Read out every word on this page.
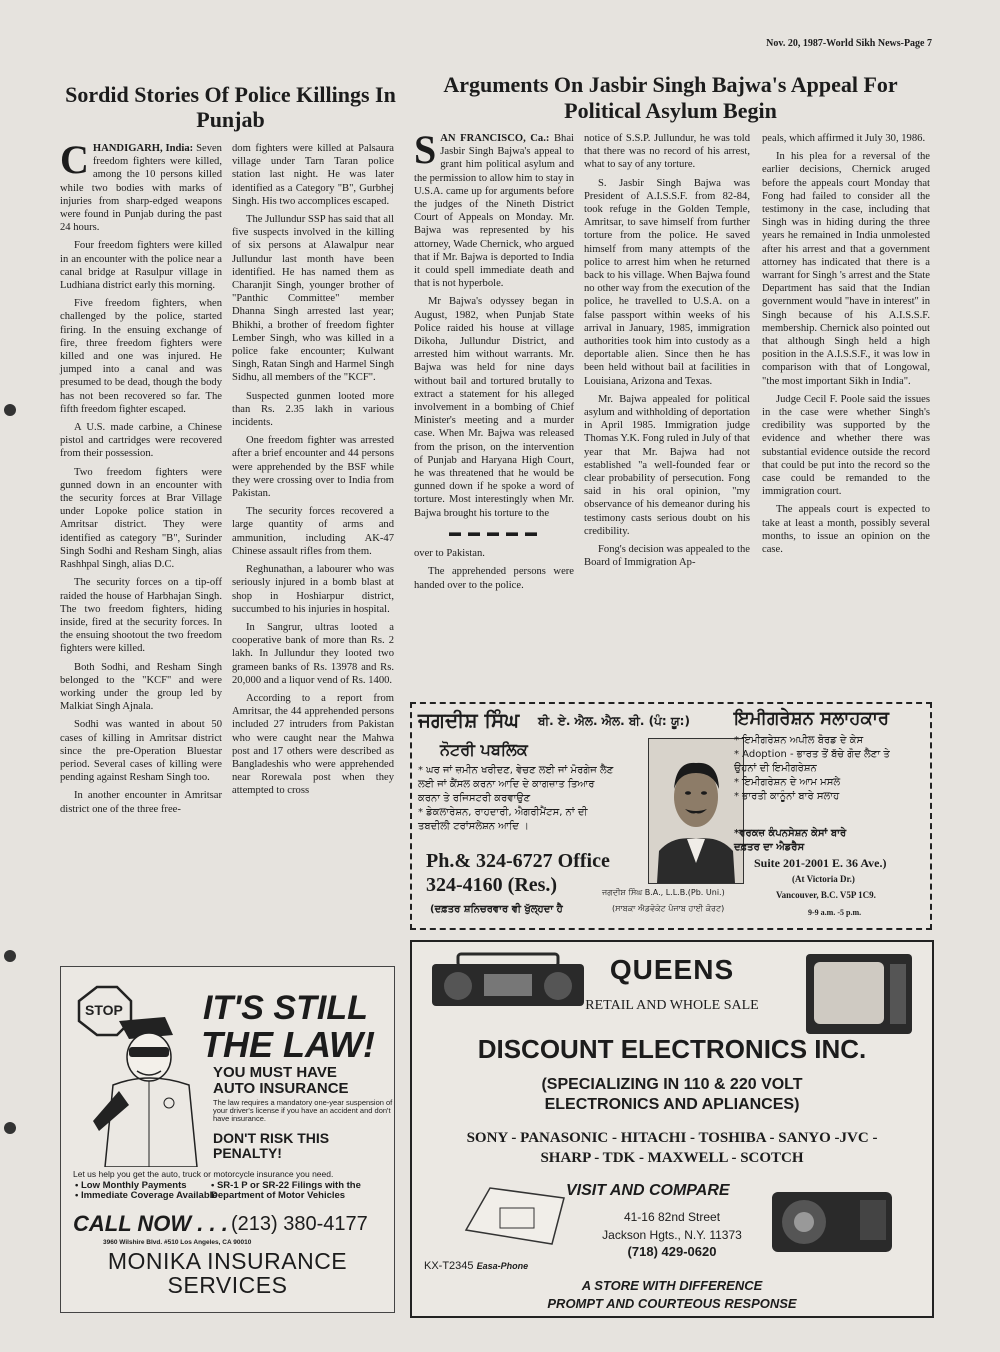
Nov. 20, 1987-World Sikh News-Page 7
Sordid Stories Of Police Killings In Punjab

CHANDIGARH, India: Seven freedom fighters were killed, among the 10 persons killed while two bodies with marks of injuries from sharp-edged weapons were found in Punjab during the past 24 hours.

Four freedom fighters were killed in an encounter with the police near a canal bridge at Rasulpur village in Ludhiana district early this morning.

Five freedom fighters, when challenged by the police, started firing. In the ensuing exchange of fire, three freedom fighters were killed and one was injured. He jumped into a canal and was presumed to be dead, though the body has not been recovered so far. The fifth freedom fighter escaped.

A U.S. made carbine, a Chinese pistol and cartridges were recovered from their possession.

Two freedom fighters were gunned down in an encounter with the security forces at Brar Village under Lopoke police station in Amritsar district. They were identified as category "B", Surinder Singh Sodhi and Resham Singh, alias Rashhpal Singh, alias D.C.

The security forces on a tip-off raided the house of Harbhajan Singh. The two freedom fighters, hiding inside, fired at the security forces. In the ensuing shootout the two freedom fighters were killed.

Both Sodhi, and Resham Singh belonged to the "KCF" and were working under the group led by Malkiat Singh Ajnala.

Sodhi was wanted in about 50 cases of killing in Amritsar district since the pre-Operation Bluestar period. Several cases of killing were pending against Resham Singh too.

In another encounter in Amritsar district one of the three free-

dom fighters were killed at Palsaura village under Tarn Taran police station last night. He was later identified as a Category "B", Gurbhej Singh. His two accomplices escaped.

The Jullundur SSP has said that all five suspects involved in the killing of six persons at Alawalpur near Jullundur last month have been identified. He has named them as Charanjit Singh, younger brother of "Panthic Committee" member Dhanna Singh arrested last year; Bhikhi, a brother of freedom fighter Lember Singh, who was killed in a police fake encounter; Kulwant Singh, Ratan Singh and Harmel Singh Sidhu, all members of the "KCF".

Suspected gunmen looted more than Rs. 2.35 lakh in various incidents.

One freedom fighter was arrested after a brief encounter and 44 persons were apprehended by the BSF while they were crossing over to India from Pakistan.

The security forces recovered a large quantity of arms and ammunition, including AK-47 Chinese assault rifles from them.

Reghunathan, a labourer who was seriously injured in a bomb blast at shop in Hoshiarpur district, succumbed to his injuries in hospital.

In Sangrur, ultras looted a cooperative bank of more than Rs. 2 lakh. In Jullundur they looted two grameen banks of Rs. 13978 and Rs. 20,000 and a liquor vend of Rs. 1400.

According to a report from Amritsar, the 44 apprehended persons included 27 intruders from Pakistan who were caught near the Mahwa post and 17 others were described as Bangladeshis who were apprehended near Rorewala post when they attempted to cross

Arguments On Jasbir Singh Bajwa's Appeal For Political Asylum Begin

SAN FRANCISCO, Ca.: Bhai Jasbir Singh Bajwa's appeal to grant him political asylum and the permission to allow him to stay in U.S.A. came up for arguments before the judges of the Nineth District Court of Appeals on Monday. Mr. Bajwa was represented by his attorney, Wade Chernick, who argued that if Mr. Bajwa is deported to India it could spell immediate death and that is not hyperbole.

Mr Bajwa's odyssey began in August, 1982, when Punjab State Police raided his house at village Dikoha, Jullundur District, and arrested him without warrants. Mr. Bajwa was held for nine days without bail and tortured brutally to extract a statement for his alleged involvement in a bombing of Chief Minister's meeting and a murder case. When Mr. Bajwa was released from the prison, on the intervention of Punjab and Haryana High Court, he was threatened that he would be gunned down if he spoke a word of torture. Most interestingly when Mr. Bajwa brought his torture to the

▬ ▬ ▬ ▬ ▬

over to Pakistan.

The apprehended persons were handed over to the police.

notice of S.S.P. Jullundur, he was told that there was no record of his arrest, what to say of any torture.

S. Jasbir Singh Bajwa was President of A.I.S.S.F. from 82-84, took refuge in the Golden Temple, Amritsar, to save himself from further torture from the police. He saved himself from many attempts of the police to arrest him when he returned back to his village. When Bajwa found no other way from the execution of the police, he travelled to U.S.A. on a false passport within weeks of his arrival in January, 1985, immigration authorities took him into custody as a deportable alien. Since then he has been held without bail at facilities in Louisiana, Arizona and Texas.

Mr. Bajwa appealed for political asylum and withholding of deportation in April 1985. Immigration judge Thomas Y.K. Fong ruled in July of that year that Mr. Bajwa had not established "a well-founded fear or clear probability of persecution. Fong said in his oral opinion, "my observance of his demeanor during his testimony casts serious doubt on his credibility.

Fong's decision was appealed to the Board of Immigration Ap-

peals, which affirmed it July 30, 1986.

In his plea for a reversal of the earlier decisions, Chernick aruged before the appeals court Monday that Fong had failed to consider all the testimony in the case, including that Singh was in hiding during the three years he remained in India unmolested after his arrest and that a government attorney has indicated that there is a warrant for Singh 's arrest and the State Department has said that the Indian government would "have in interest" in Singh because of his A.I.S.S.F. membership. Chernick also pointed out that although Singh held a high position in the A.I.S.S.F., it was low in comparison with that of Longowal, "the most important Sikh in India".

Judge Cecil F. Poole said the issues in the case were whether Singh's credibility was supported by the evidence and whether there was substantial evidence outside the record that could be put into the record so the case could be remanded to the immigration court.

The appeals court is expected to take at least a month, possibly several months, to issue an opinion on the case.

ਜਗਦੀਸ਼ ਸਿੰਘ ਬੀ. ਏ. ਐਲ. ਐਲ. ਬੀ. (ਪੰ: ਯੂ:)
ਨੋਟਰੀ ਪਬਲਿਕ
* ਘਰ ਜਾਂ ਜ਼ਮੀਨ ਖਰੀਦਣ, ਵੇਚਣ ਲਈ ਜਾਂ ਮੋਰਗੇਜ ਲੈਣ
ਲਈ ਜਾਂ ਕੈਂਸਲ ਕਰਨਾ ਆਦਿ ਦੇ ਕਾਗਜ਼ਾਤ ਤਿਆਰ
ਕਰਨਾ ਤੇ ਰਜਿਸਟਰੀ ਕਰਵਾਉਣ
* ਡੇਕਲਾਰੇਸ਼ਨ, ਰਾਹਦਾਰੀ, ਐਗਰੀਮੈਂਟਸ, ਨਾਂ ਦੀ
ਤਬਦੀਲੀ ਟਰਾਂਸਲੇਸ਼ਨ ਆਦਿ ।
Ph.& 324-6727 Office
324-4160 (Res.)
(ਦਫ਼ਤਰ ਸ਼ਨਿਚਰਵਾਰ ਵੀ ਖੁੱਲ੍ਹਦਾ ਹੈ
ਜਗਦੀਸ਼ ਸਿੰਘ B.A., L.L.B.(Pb. Uni.)
(ਸਾਬਕਾ ਐਡਵੋਕੇਟ ਪੰਜਾਬ ਹਾਈ ਕੋਰਟ)
ਇਮੀਗਰੇਸ਼ਨ ਸਲਾਹਕਾਰ
* ਇਮੀਗਰੇਸ਼ਨ ਅਪੀਲ ਬੋਰਡ ਦੇ ਕੇਸ
* Adoption - ਭਾਰਤ ਤੋਂ ਬੱਚੇ ਗੋਦ ਲੈਣਾ ਤੇ
ਉਹਨਾਂ ਦੀ ਇਮੀਗਰੇਸ਼ਨ
* ਇਮੀਗਰੇਸ਼ਨ ਦੇ ਆਮ ਮਸਲੇ
* ਭਾਰਤੀ ਕਾਨੂੰਨਾਂ ਬਾਰੇ ਸਲਾਹ
*ਵਰਕਜ਼ ਕੰਪਨਸੇਸ਼ਨ ਕੇਸਾਂ ਬਾਰੇ
ਦਫ਼ਤਰ ਦਾ ਐਡਰੈਸ
Suite 201-2001 E. 36 Ave.)
(At Victoria Dr.)
Vancouver, B.C. V5P 1C9.
9-9 a.m. -5 p.m.
STOP IT'S STILL
THE LAW!
YOU MUST HAVE
AUTO INSURANCE
The law requires a mandatory one-year suspension of your driver's license if you have an accident and don't have insurance.
DON'T RISK THIS
PENALTY!
Let us help you get the auto, truck or motorcycle insurance you need.
• Low Monthly Payments
• Immediate Coverage Available
• SR-1 P or SR-22 Filings with the Department of Motor Vehicles
CALL NOW . . . (213) 380-4177
3960 Wilshire Blvd. #510 Los Angeles, CA 90010
MONIKA INSURANCE
SERVICES
QUEENS
RETAIL AND WHOLE SALE
DISCOUNT ELECTRONICS INC.
(SPECIALIZING IN 110 & 220 VOLT
ELECTRONICS AND APLIANCES)
SONY - PANASONIC - HITACHI - TOSHIBA - SANYO -JVC -
SHARP - TDK - MAXWELL - SCOTCH
VISIT AND COMPARE
41-16 82nd Street
Jackson Hgts., N.Y. 11373
(718) 429-0620
KX-T2345 Easa-Phone
A STORE WITH DIFFERENCE
PROMPT AND COURTEOUS RESPONSE
